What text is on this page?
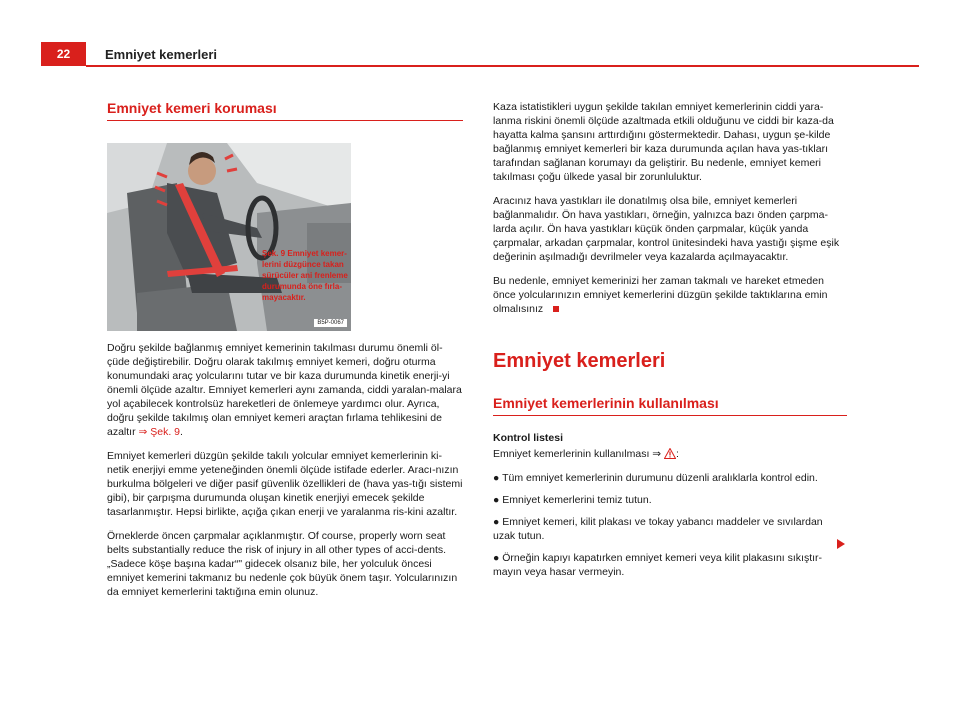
22	Emniyet kemerleri
Emniyet kemeri koruması
B5P-0067

Doğru şekilde bağlanmış emniyet kemerinin takılması durumu önemli öl-çüde değiştirebilir. Doğru olarak takılmış emniyet kemeri, doğru oturma konumundaki araç yolcularını tutar ve bir kaza durumunda kinetik enerji-yi önemli ölçüde azaltır. Emniyet kemerleri aynı zamanda, ciddi yaralan-malara yol açabilecek kontrolsüz hareketleri de önlemeye yardımcı olur. Ayrıca, doğru şekilde takılmış olan emniyet kemeri araçtan fırlama tehlikesini de azaltır ⇒ Şek. 9.

Emniyet kemerleri düzgün şekilde takılı yolcular emniyet kemerlerinin ki-netik enerjiyi emme yeteneğinden önemli ölçüde istifade ederler. Aracı-nızın burkulma bölgeleri ve diğer pasif güvenlik özellikleri de (hava yas-tığı sistemi gibi), bir çarpışma durumunda oluşan kinetik enerjiyi emecek şekilde tasarlanmıştır. Hepsi birlikte, açığa çıkan enerji ve yaralanma ris-kini azaltır.

Örneklerde öncen çarpmalar açıklanmıştır. Of course, properly worn seat belts substantially reduce the risk of injury in all other types of acci-dents. „Sadece köşe başına kadar“" gidecek olsanız bile, her yolculuk öncesi emniyet kemerini takmanız bu nedenle çok büyük önem taşır. Yolcularınızın da emniyet kemerlerini taktığına emin olunuz.

Şek. 9 Emniyet kemer-lerini düzgünce takan sürücüler ani frenleme durumunda öne fırla-mayacaktır.

Kaza istatistikleri uygun şekilde takılan emniyet kemerlerinin ciddi yara-lanma riskini önemli ölçüde azaltmada etkili olduğunu ve ciddi bir kaza-da hayatta kalma şansını arttırdığını göstermektedir. Dahası, uygun şe-kilde bağlanmış emniyet kemerleri bir kaza durumunda açılan hava yas-tıkları tarafından sağlanan korumayı da geliştirir. Bu nedenle, emniyet kemeri takılması çoğu ülkede yasal bir zorunluluktur.

Aracınız hava yastıkları ile donatılmış olsa bile, emniyet kemerleri bağlanmalıdır. Ön hava yastıkları, örneğin, yalnızca bazı önden çarpma-larda açılır. Ön hava yastıkları küçük önden çarpmalar, küçük yanda çarpmalar, arkadan çarpmalar, kontrol ünitesindeki hava yastığı şişme eşik değerinin aşılmadığı devrilmeler veya kazalarda açılmayacaktır.

Bu nedenle, emniyet kemerinizi her zaman takmalı ve hareket etmeden önce yolcularınızın emniyet kemerlerini düzgün şekilde taktıklarına emin olmalısınız

Emniyet kemerleri
Emniyet kemerlerinin kullanılması
Kontrol listesi

Emniyet kemerlerinin kullanılması ⇒ :

● Tüm emniyet kemerlerinin durumunu düzenli aralıklarla kontrol edin.
● Emniyet kemerlerini temiz tutun.
● Emniyet kemeri, kilit plakası ve tokay yabancı maddeler ve sıvılardan uzak tutun.
● Örneğin kapıyı kapatırken emniyet kemeri veya kilit plakasını sıkıştır-mayın veya hasar vermeyin.
